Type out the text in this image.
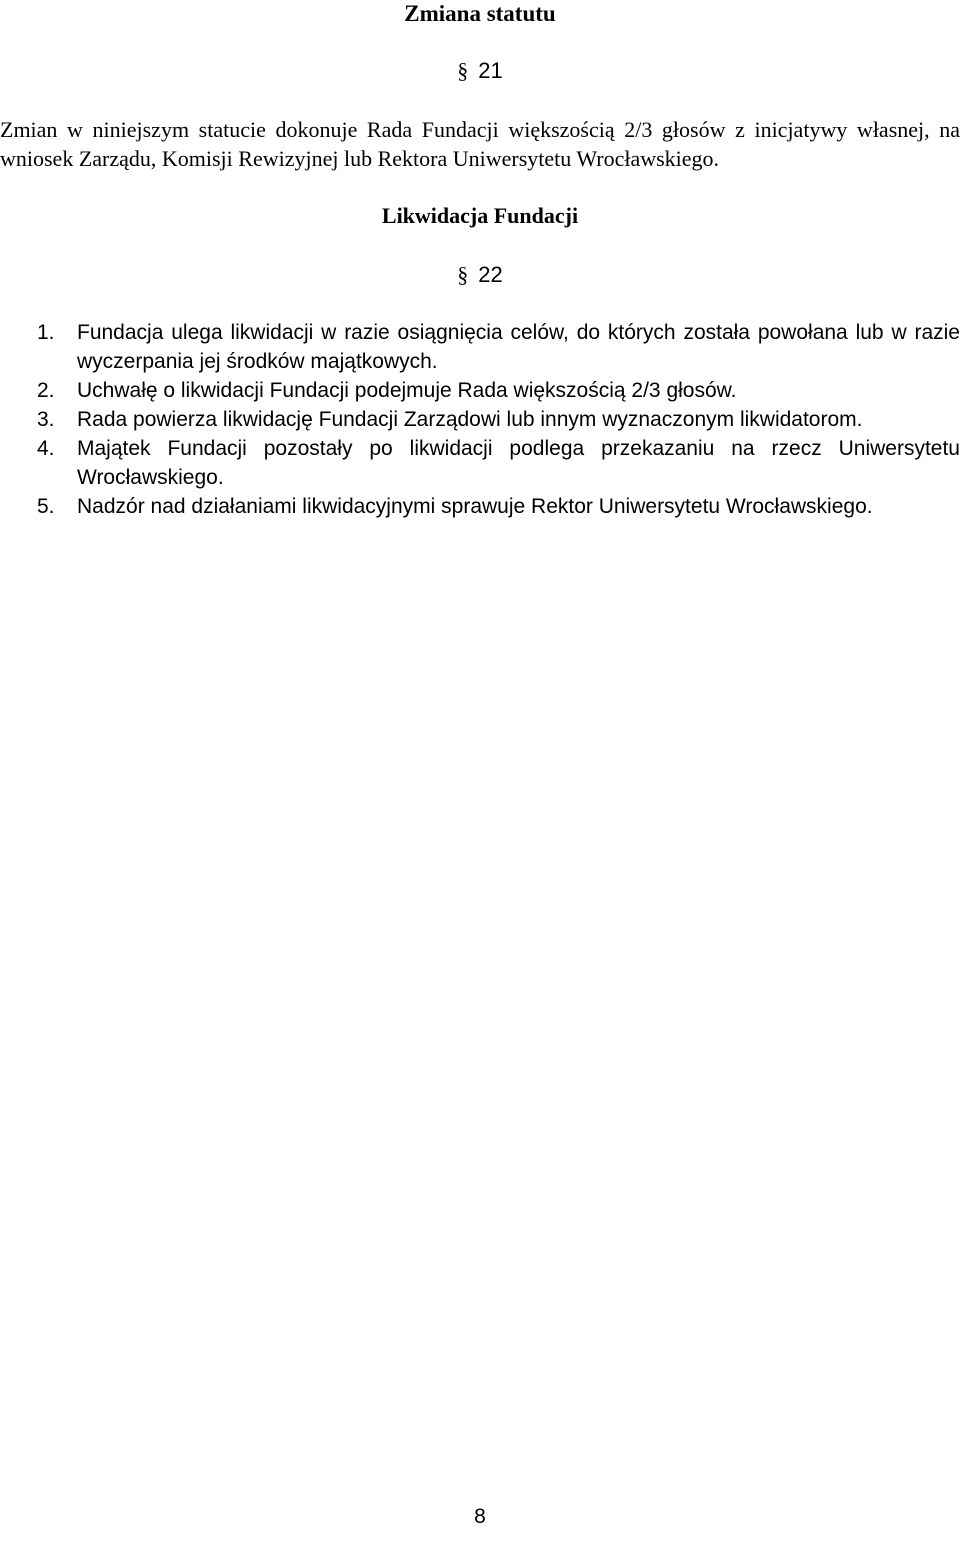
Zmiana statutu
§ 21
Zmian w niniejszym statucie dokonuje Rada Fundacji większością 2/3 głosów z inicjatywy własnej, na wniosek Zarządu, Komisji Rewizyjnej lub Rektora Uniwersytetu Wrocławskiego.
Likwidacja Fundacji
§ 22
1. Fundacja ulega likwidacji w razie osiągnięcia celów, do których została powołana lub w razie wyczerpania jej środków majątkowych.
2. Uchwałę o likwidacji Fundacji podejmuje Rada większością 2/3 głosów.
3. Rada powierza likwidację Fundacji Zarządowi lub innym wyznaczonym likwidatorom.
4. Majątek Fundacji pozostały po likwidacji podlega przekazaniu na rzecz Uniwersytetu Wrocławskiego.
5. Nadzór nad działaniami likwidacyjnymi sprawuje Rektor Uniwersytetu Wrocławskiego.
8
